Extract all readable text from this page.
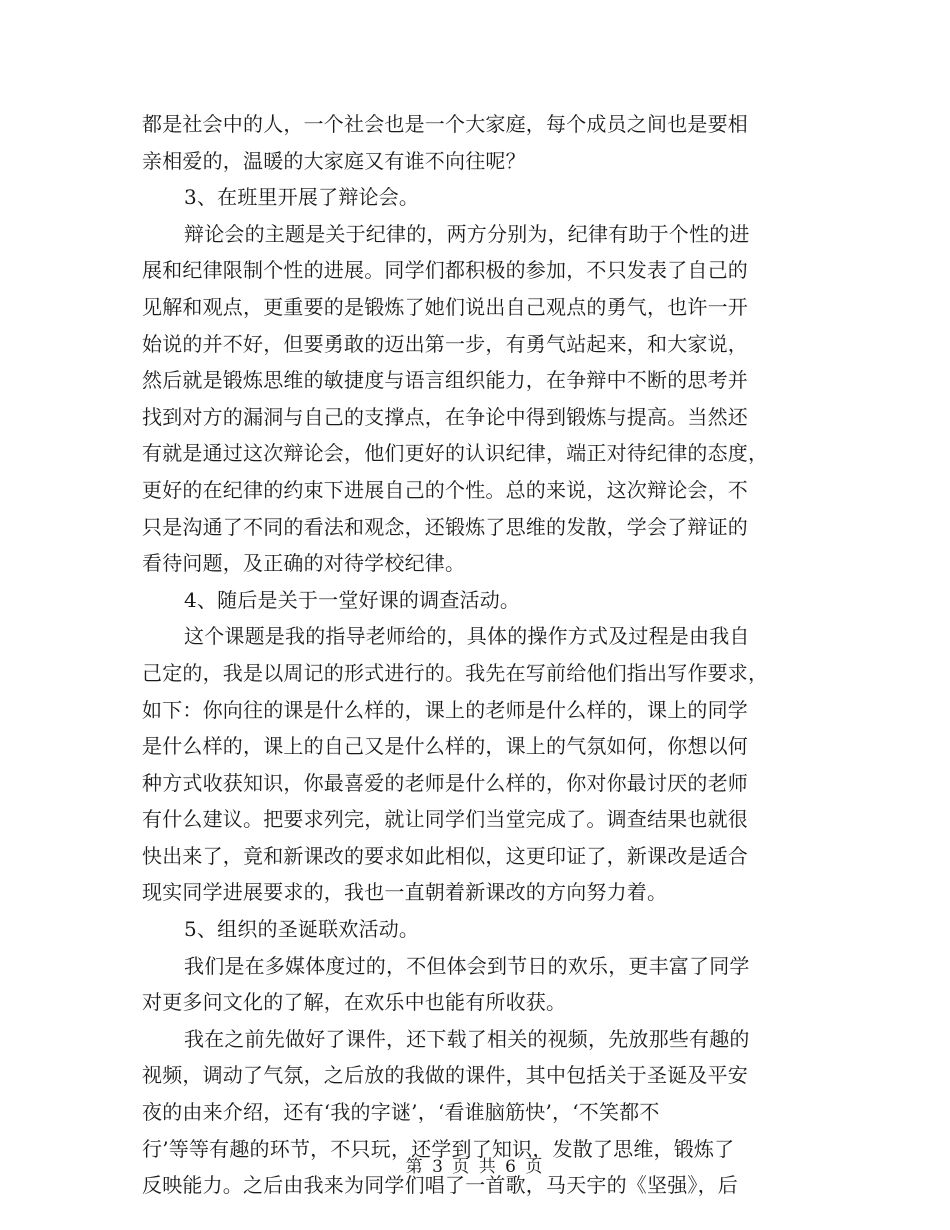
都是社会中的人，一个社会也是一个大家庭，每个成员之间也是要相
亲相爱的，温暖的大家庭又有谁不向往呢？
3、在班里开展了辩论会。
辩论会的主题是关于纪律的，两方分别为，纪律有助于个性的进
展和纪律限制个性的进展。同学们都积极的参加，不只发表了自己的
见解和观点，更重要的是锻炼了她们说出自己观点的勇气，也许一开
始说的并不好，但要勇敢的迈出第一步，有勇气站起来，和大家说，
然后就是锻炼思维的敏捷度与语言组织能力，在争辩中不断的思考并
找到对方的漏洞与自己的支撑点，在争论中得到锻炼与提高。当然还
有就是通过这次辩论会，他们更好的认识纪律，端正对待纪律的态度，
更好的在纪律的约束下进展自己的个性。总的来说，这次辩论会，不
只是沟通了不同的看法和观念，还锻炼了思维的发散，学会了辩证的
看待问题，及正确的对待学校纪律。
4、随后是关于一堂好课的调查活动。
这个课题是我的指导老师给的，具体的操作方式及过程是由我自
己定的，我是以周记的形式进行的。我先在写前给他们指出写作要求，
如下：你向往的课是什么样的，课上的老师是什么样的，课上的同学
是什么样的，课上的自己又是什么样的，课上的气氛如何，你想以何
种方式收获知识，你最喜爱的老师是什么样的，你对你最讨厌的老师
有什么建议。把要求列完，就让同学们当堂完成了。调查结果也就很
快出来了，竟和新课改的要求如此相似，这更印证了，新课改是适合
现实同学进展要求的，我也一直朝着新课改的方向努力着。
5、组织的圣诞联欢活动。
我们是在多媒体度过的，不但体会到节日的欢乐，更丰富了同学
对更多问文化的了解，在欢乐中也能有所收获。
我在之前先做好了课件，还下载了相关的视频，先放那些有趣的
视频，调动了气氛，之后放的我做的课件，其中包括关于圣诞及平安
夜的由来介绍，还有‘我的字谜’，‘看谁脑筋快’，‘不笑都不
行’等等有趣的环节，不只玩，还学到了知识，发散了思维，锻炼了
反映能力。之后由我来为同学们唱了一首歌，马天宇的《坚强》，后
第 3 页 共 6 页
